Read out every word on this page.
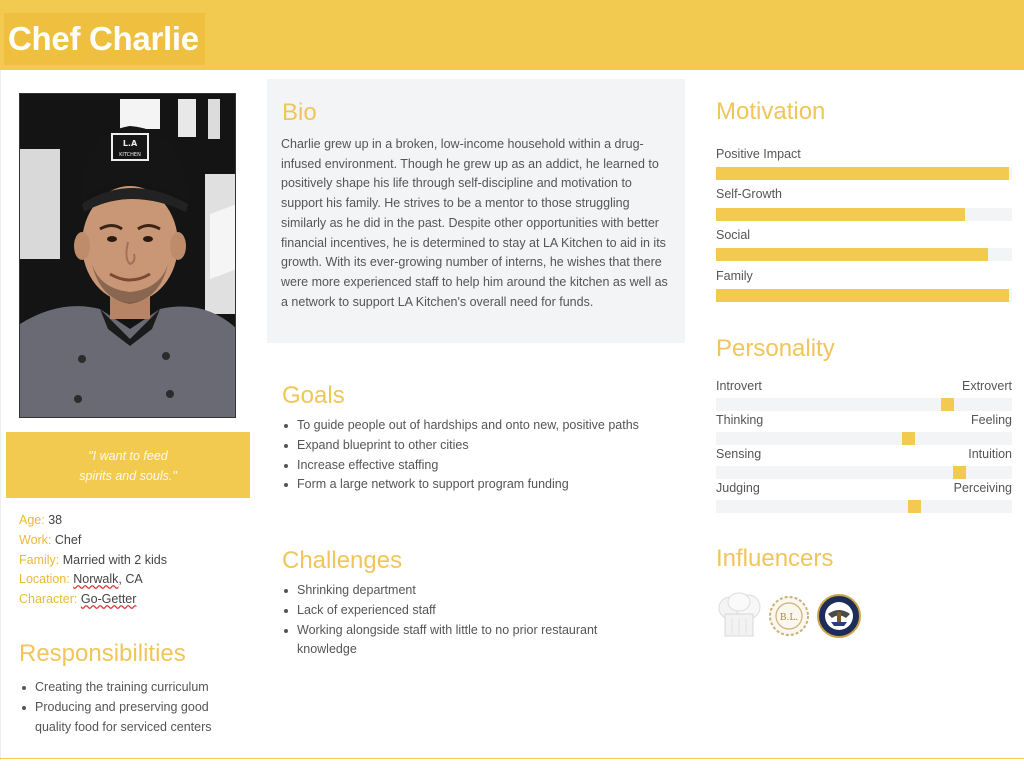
Chef Charlie
L.A
KITCHEN
"I want to feed
spirits and souls."
Age: 38
Work: Chef
Family: Married with 2 kids
Location: Norwalk, CA
Character: Go-Getter
Responsibilities
Creating the training curriculum
Producing and preserving good quality food for serviced centers
Bio
Charlie grew up in a broken, low-income household within a drug-infused environment. Though he grew up as an addict, he learned to positively shape his life through self-discipline and motivation to support his family. He strives to be a mentor to those struggling similarly as he did in the past. Despite other opportunities with better financial incentives, he is determined to stay at LA Kitchen to aid in its growth. With its ever-growing number of interns, he wishes that there were more experienced staff to help him around the kitchen as well as a network to support LA Kitchen's overall need for funds.
Goals
To guide people out of hardships and onto new, positive paths
Expand blueprint to other cities
Increase effective staffing
Form a large network to support program funding
Challenges
Shrinking department
Lack of experienced staff
Working alongside staff with little to no prior restaurant knowledge
Motivation
Positive Impact
Self-Growth
Social
Family
Personality
Introvert	Extrovert
Thinking	Feeling
Sensing	Intuition
Judging	Perceiving
Influencers
B.L.
